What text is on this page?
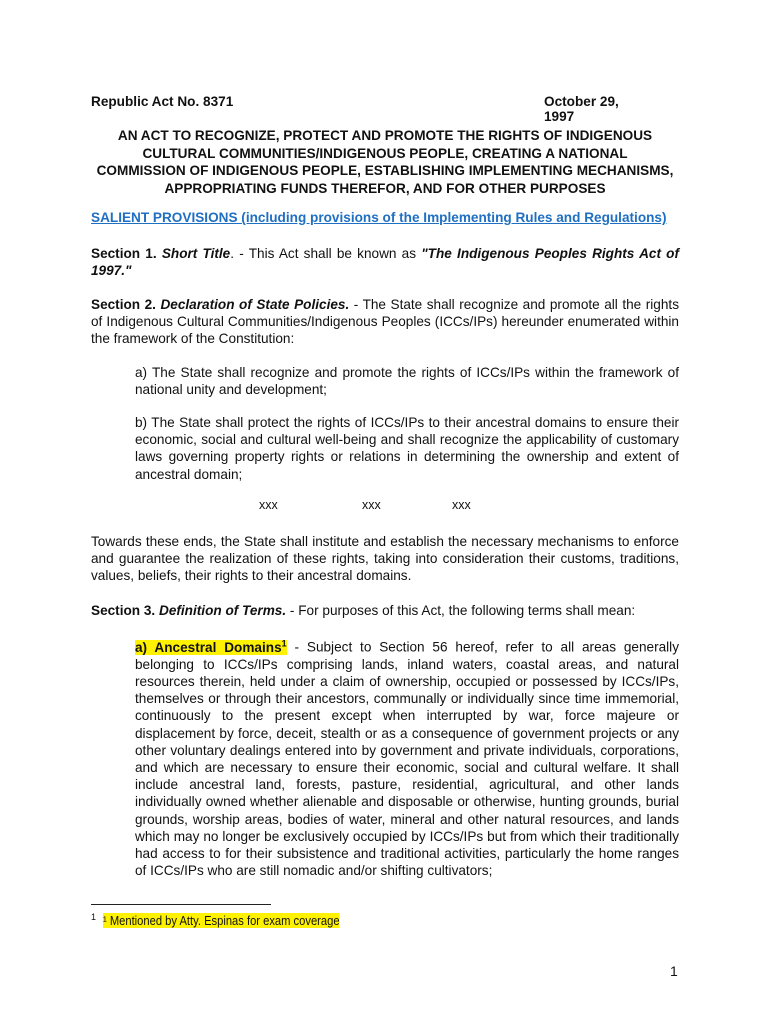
Republic Act No. 8371	October 29, 1997
AN ACT TO RECOGNIZE, PROTECT AND PROMOTE THE RIGHTS OF INDIGENOUS
CULTURAL COMMUNITIES/INDIGENOUS PEOPLE, CREATING A NATIONAL
COMMISSION OF INDIGENOUS PEOPLE, ESTABLISHING IMPLEMENTING MECHANISMS,
APPROPRIATING FUNDS THEREFOR, AND FOR OTHER PURPOSES
SALIENT PROVISIONS (including provisions of the Implementing Rules and Regulations)
Section 1. Short Title. - This Act shall be known as "The Indigenous Peoples Rights Act of 1997."
Section 2. Declaration of State Policies. - The State shall recognize and promote all the rights of Indigenous Cultural Communities/Indigenous Peoples (ICCs/IPs) hereunder enumerated within the framework of the Constitution:
a) The State shall recognize and promote the rights of ICCs/IPs within the framework of national unity and development;
b) The State shall protect the rights of ICCs/IPs to their ancestral domains to ensure their economic, social and cultural well-being and shall recognize the applicability of customary laws governing property rights or relations in determining the ownership and extent of ancestral domain;
xxx	xxx	xxx
Towards these ends, the State shall institute and establish the necessary mechanisms to enforce and guarantee the realization of these rights, taking into consideration their customs, traditions, values, beliefs, their rights to their ancestral domains.
Section 3. Definition of Terms. - For purposes of this Act, the following terms shall mean:
a) Ancestral Domains$^1$ - Subject to Section 56 hereof, refer to all areas generally belonging to ICCs/IPs comprising lands, inland waters, coastal areas, and natural resources therein, held under a claim of ownership, occupied or possessed by ICCs/IPs, themselves or through their ancestors, communally or individually since time immemorial, continuously to the present except when interrupted by war, force majeure or displacement by force, deceit, stealth or as a consequence of government projects or any other voluntary dealings entered into by government and private individuals, corporations, and which are necessary to ensure their economic, social and cultural welfare. It shall include ancestral land, forests, pasture, residential, agricultural, and other lands individually owned whether alienable and disposable or otherwise, hunting grounds, burial grounds, worship areas, bodies of water, mineral and other natural resources, and lands which may no longer be exclusively occupied by ICCs/IPs but from which their traditionally had access to for their subsistence and traditional activities, particularly the home ranges of ICCs/IPs who are still nomadic and/or shifting cultivators;
$^1$ ¹ Mentioned by Atty. Espinas for exam coverage
1
